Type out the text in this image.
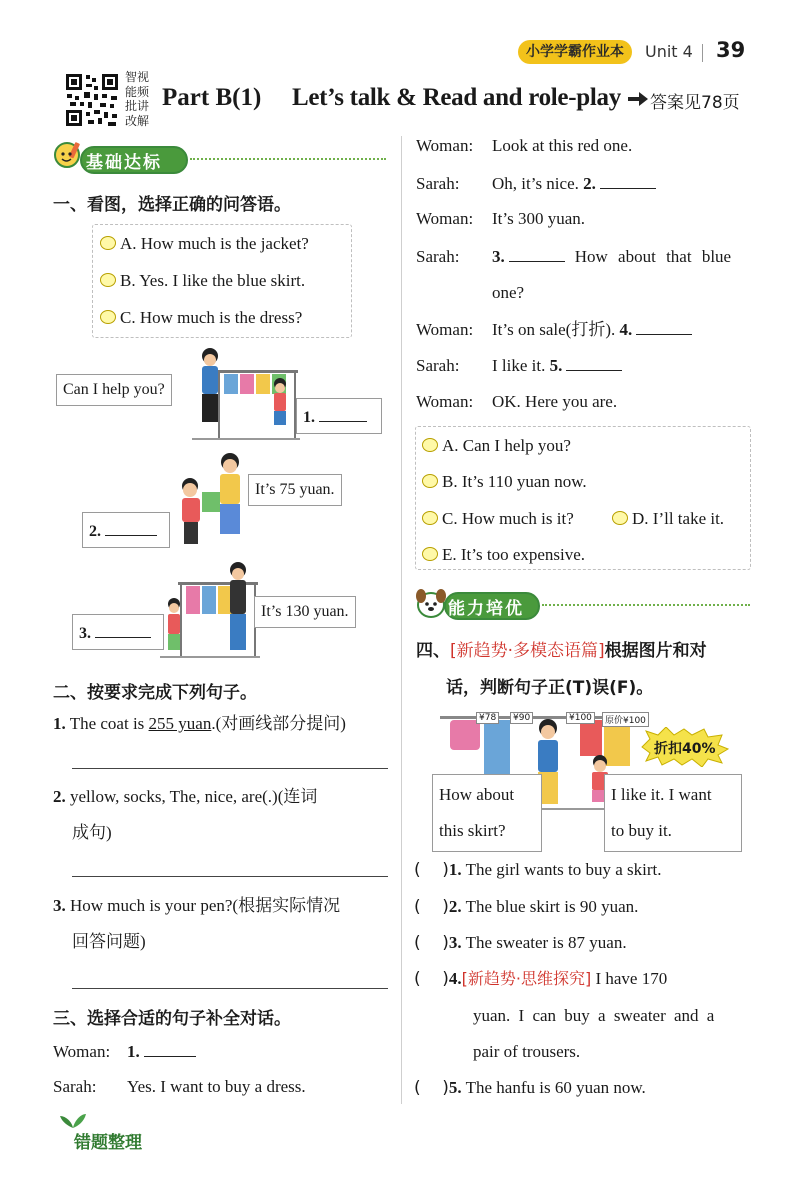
小学学霸作业本	Unit 4 39
智视
能频
批讲
改解
Part B(1) Let’s talk & Read and role-play 答案见78页
基础达标
一、看图，选择正确的问答语。
A. How much is the jacket?
B. Yes. I like the blue skirt.
C. How much is the dress?
Can I help you?
1.
It’s 75 yuan.
2.
It’s 130 yuan.
3.
二、按要求完成下列句子。
1. The coat is 255 yuan.(对画线部分提问)
2. yellow, socks, The, nice, are(.)(连词
成句)
3. How much is your pen?(根据实际情况
回答问题)
三、选择合适的句子补全对话。
Woman: 1.
Sarah: Yes. I want to buy a dress.
Woman: Look at this red one.
Sarah: Oh, it’s nice. 2.
Woman: It’s 300 yuan.
Sarah: 3.	How about that blue
one?
Woman: It’s on sale(打折). 4.
Sarah: I like it. 5.
Woman: OK. Here you are.
A. Can I help you?
B. It’s 110 yuan now.
C. How much is it?	D. I’ll take it.
E. It’s too expensive.
能力培优
四、[新趋势·多模态语篇]根据图片和对
话，判断句子正(T)误(F)。
¥78	¥90	¥100	原价¥100
折扣40%
How about
this skirt?
I like it. I want
to buy it.
(    )1. The girl wants to buy a skirt.
(    )2. The blue skirt is 90 yuan.
(    )3. The sweater is 87 yuan.
(    )4.[新趋势·思维探究] I have 170
yuan. I can buy a sweater and a
pair of trousers.
(    )5. The hanfu is 60 yuan now.
错题整理
